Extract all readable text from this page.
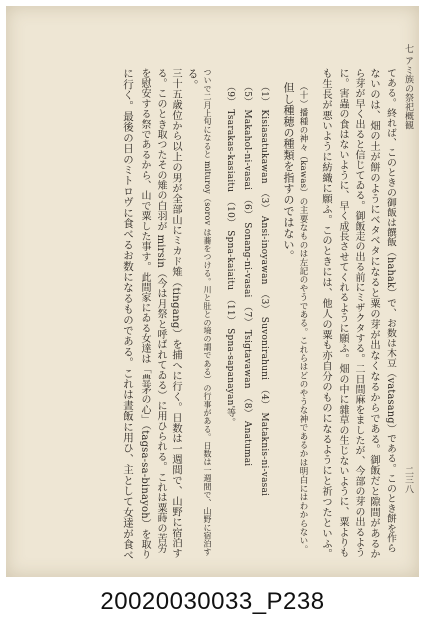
七 アミ族の祭祀概観
二三八
てある。終れば、このときの御飯は饌飯（hahak）で、お数は木豆（vatasang）である。このとき餅を作ら
ないのは、畑の土が餅のようにベタベタになると粟の芽が出なくなるからである。御飯だと隙間があるか
ら芽が早く出ると信じてゐる。御飯走の出る前にミザクタする。二日間麻をましたが、今部の芽の出るよう
に。害蟲の食はないように、早く成長させてくれるように願ふ。畑の中に雜草の生じないように、粟よりも
も生長が悪いように紡織に願ふ。このときには、他人の粟も亦自分のものになるようにと祈つたといふ。
（十）播種の神々（kawas）の主要なものは左記のやうである。これらはどのやうな神であるかは明白にはわからない。
但し種穂の種類を指すのではない。
（1） Kisiasatukawan　（3） Ansi-inoyawan　（3） Suvonirahuni　（4） Mataknis-ni-vasai
（5） Makahol-ni-vasai　（6） Sonang-ni-vasai　（7） Tsigtavawan　（8） Anatumai
（9） Tsarakas-kasiaitu　（10） Spna-kaiaitu　（11） Spna-sapanayan'等。
ついで二月上旬になると mituroy（sorov は蕎をつける。川と肚との境の謂である）の行事がある。日数は一週間で、山野に宿泊す
る。
三十五歳位から以上の男が全部山にミカド雉（tingang）を捕へに行く。日数は一週間で、山野に宿泊す
る。このとき取つたその雉の白羽が mirsin（今は月祭と呼ばれてゐる）に用ひられる。これは粟蒔の苦労
を慰安する祭であるから、山で粟した事す。此間家にゐる女達は「豊茅の心」（tagsa-sa-binayoh）を取り
に行く。最後の日のミトロヴに食べるお数になるものである。これは晝飯に用ひ、主として女達が食べ
20020030033_P238
